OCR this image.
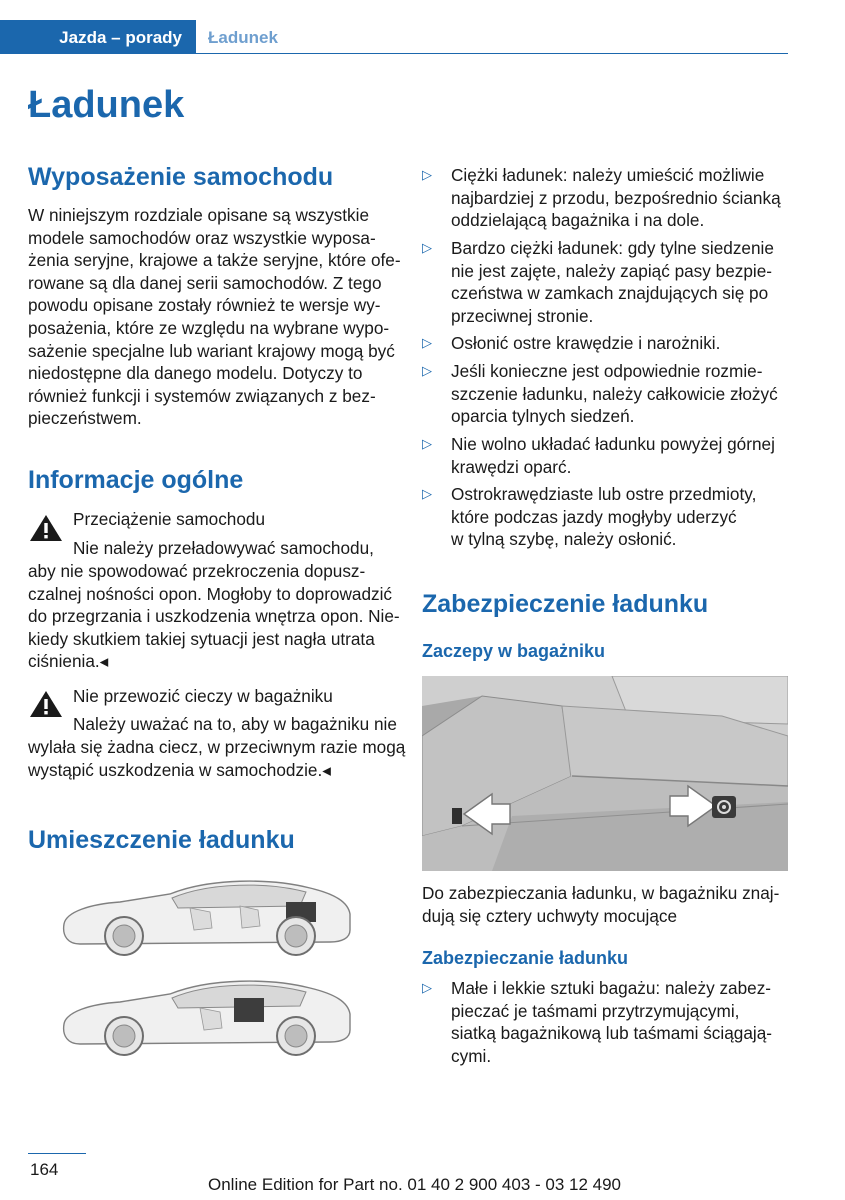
Jazda – porady Ładunek
Ładunek
Wyposażenie samochodu
W niniejszym rozdziale opisane są wszystkie
modele samochodów oraz wszystkie wyposa‐
żenia seryjne, krajowe a także seryjne, które ofe‐
rowane są dla danej serii samochodów. Z tego
powodu opisane zostały również te wersje wy‐
posażenia, które ze względu na wybrane wypo‐
sażenie specjalne lub wariant krajowy mogą być
niedostępne dla danego modelu. Dotyczy to
również funkcji i systemów związanych z bez‐
pieczeństwem.
Informacje ogólne
Przeciążenie samochodu
Nie należy przeładowywać samochodu,
aby nie spowodować przekroczenia dopusz‐
czalnej nośności opon. Mogłoby to doprowadzić
do przegrzania i uszkodzenia wnętrza opon. Nie‐
kiedy skutkiem takiej sytuacji jest nagła utrata
ciśnienia.◂
Nie przewozić cieczy w bagażniku
Należy uważać na to, aby w bagażniku nie
wylała się żadna ciecz, w przeciwnym razie mogą
wystąpić uszkodzenia w samochodzie.◂
Umieszczenie ładunku
▷ Ciężki ładunek: należy umieścić możliwie
najbardziej z przodu, bezpośrednio ścianką
oddzielającą bagażnika i na dole.
▷ Bardzo ciężki ładunek: gdy tylne siedzenie
nie jest zajęte, należy zapiąć pasy bezpie‐
czeństwa w zamkach znajdujących się po
przeciwnej stronie.
▷ Osłonić ostre krawędzie i narożniki.
▷ Jeśli konieczne jest odpowiednie rozmie‐
szczenie ładunku, należy całkowicie złożyć
oparcia tylnych siedzeń.
▷ Nie wolno układać ładunku powyżej górnej
krawędzi oparć.
▷ Ostrokrawędziaste lub ostre przedmioty,
które podczas jazdy mogłyby uderzyć
w tylną szybę, należy osłonić.
Zabezpieczenie ładunku
Zaczepy w bagażniku
Do zabezpieczania ładunku, w bagażniku znaj‐
dują się cztery uchwyty mocujące
Zabezpieczanie ładunku
▷ Małe i lekkie sztuki bagażu: należy zabez‐
pieczać je taśmami przytrzymującymi,
siatką bagażnikową lub taśmami ściągają‐
cymi.
164
Online Edition for Part no. 01 40 2 900 403 - 03 12 490
